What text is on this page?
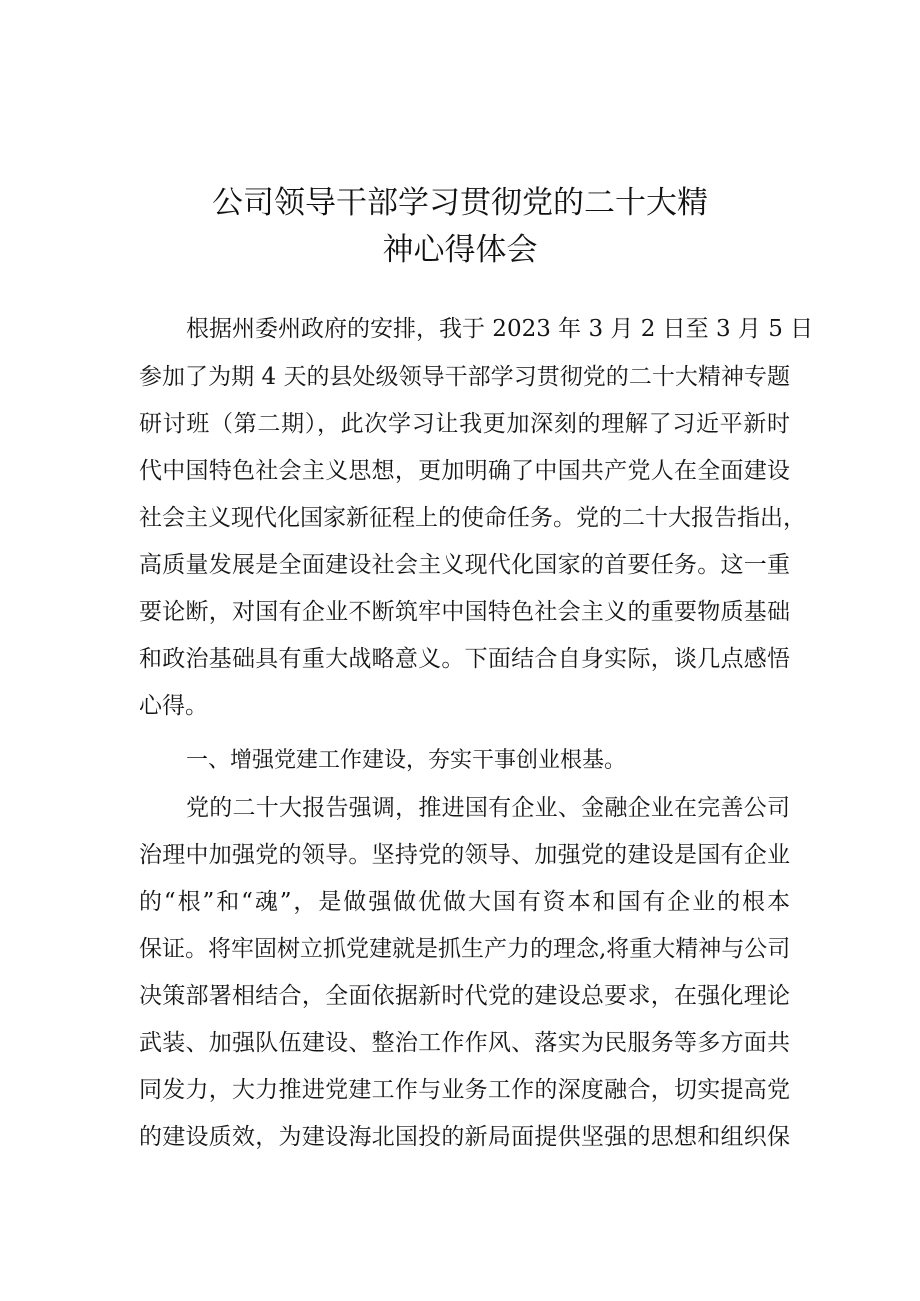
公司领导干部学习贯彻党的二十大精
神心得体会
根据州委州政府的安排，我于 2023 年 3 月 2 日至 3 月 5 日
参加了为期 4 天的县处级领导干部学习贯彻党的二十大精神专题
研讨班（第二期），此次学习让我更加深刻的理解了习近平新时
代中国特色社会主义思想，更加明确了中国共产党人在全面建设
社会主义现代化国家新征程上的使命任务。党的二十大报告指出，
高质量发展是全面建设社会主义现代化国家的首要任务。这一重
要论断，对国有企业不断筑牢中国特色社会主义的重要物质基础
和政治基础具有重大战略意义。下面结合自身实际，谈几点感悟
心得。
一、增强党建工作建设，夯实干事创业根基。
党的二十大报告强调，推进国有企业、金融企业在完善公司
治理中加强党的领导。坚持党的领导、加强党的建设是国有企业
的“根”和“魂”，是做强做优做大国有资本和国有企业的根本
保证。将牢固树立抓党建就是抓生产力的理念,将重大精神与公司
决策部署相结合，全面依据新时代党的建设总要求，在强化理论
武装、加强队伍建设、整治工作作风、落实为民服务等多方面共
同发力，大力推进党建工作与业务工作的深度融合，切实提高党
的建设质效，为建设海北国投的新局面提供坚强的思想和组织保
